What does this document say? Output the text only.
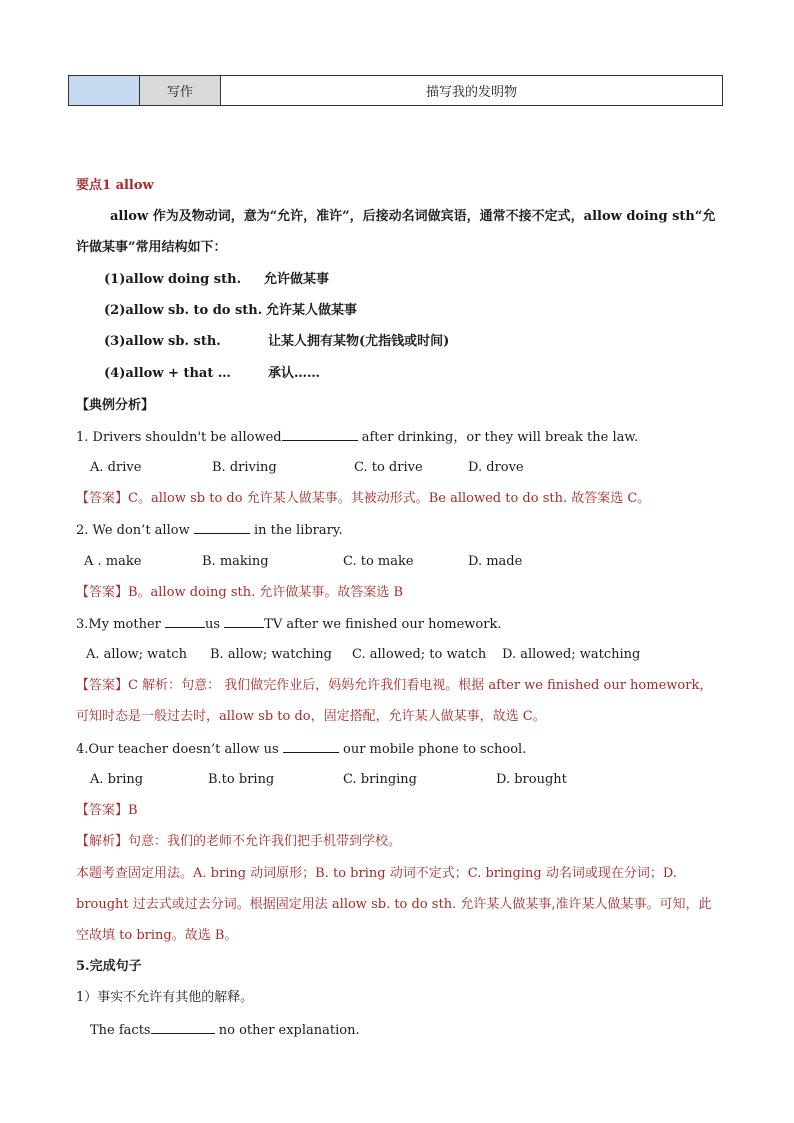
写作	描写我的发明物
要点1 allow
allow 作为及物动词，意为“允许，准许”，后接动名词做宾语，通常不接不定式，allow doing sth“允
许做某事”常用结构如下：
(1)allow doing sth. 允许做某事
(2)allow sb. to do sth. 允许某人做某事
(3)allow sb. sth.	让某人拥有某物(尤指钱或时间)
(4)allow + that …	承认……
【典例分析】
1. Drivers shouldn't be allowed	after drinking，or they will break the law.
A. drive	B. driving	C. to drive	D. drove
【答案】C。allow sb to do 允许某人做某事。其被动形式。Be allowed to do sth. 故答案选 C。
2. We don’t allow	in the library.
A . make	B. making	C. to make	D. made
【答案】B。allow doing sth. 允许做某事。故答案选 B
3.My mother	us	TV after we finished our homework.
A. allow; watch B. allow; watching C. allowed; to watch D. allowed; watching
【答案】C 解析：句意： 我们做完作业后，妈妈允许我们看电视。根据 after we finished our homework，
可知时态是一般过去时，allow sb to do，固定搭配，允许某人做某事，故选 C。
4.Our teacher doesn’t allow us	our mobile phone to school.
A. bring	B.to bring	C. bringing	D. brought
【答案】B
【解析】句意：我们的老师不允许我们把手机带到学校。
本题考查固定用法。A. bring 动词原形；B. to bring 动词不定式；C. bringing 动名词或现在分词；D.
brought 过去式或过去分词。根据固定用法 allow sb. to do sth. 允许某人做某事,准许某人做某事。可知，此
空故填 to bring。故选 B。
5.完成句子
1）事实不允许有其他的解释。
The facts	no other explanation.
